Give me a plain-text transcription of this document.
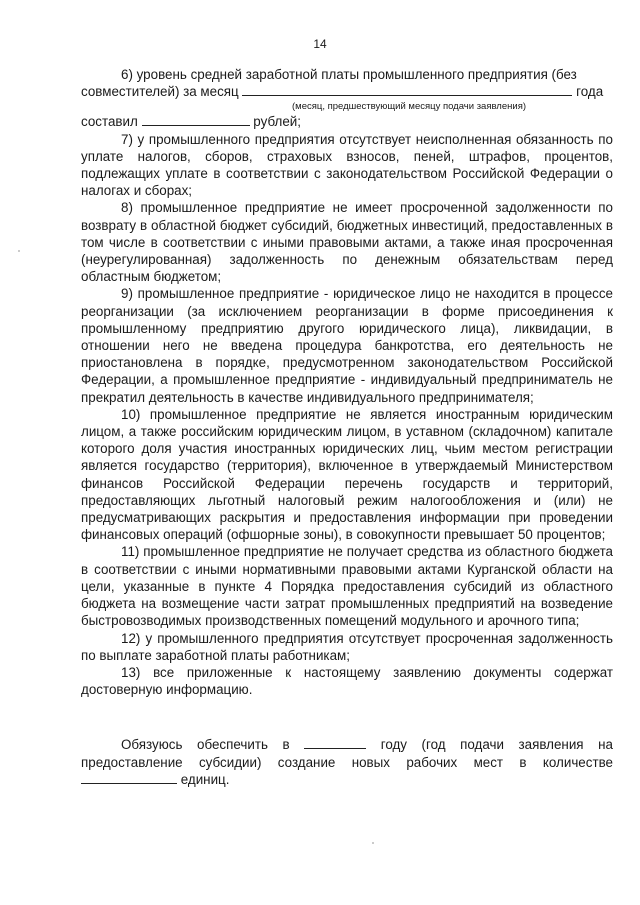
14

6) уровень средней заработной платы промышленного предприятия (без

совместителей) за месяц	года

(месяц, предшествующий месяцу подачи заявления)

составил	рублей;

7) у промышленного предприятия отсутствует неисполненная обязанность по уплате налогов, сборов, страховых взносов, пеней, штрафов, процентов, подлежащих уплате в соответствии с законодательством Российской Федерации о налогах и сборах;

8) промышленное предприятие не имеет просроченной задолженности по возврату в областной бюджет субсидий, бюджетных инвестиций, предоставленных в том числе в соответствии с иными правовыми актами, а также иная просроченная (неурегулированная) задолженность по денежным обязательствам перед областным бюджетом;

9) промышленное предприятие - юридическое лицо не находится в процессе реорганизации (за исключением реорганизации в форме присоединения к промышленному предприятию другого юридического лица), ликвидации, в отношении него не введена процедура банкротства, его деятельность не приостановлена в порядке, предусмотренном законодательством Российской Федерации, а промышленное предприятие - индивидуальный предприниматель не прекратил деятельность в качестве индивидуального предпринимателя;

10) промышленное предприятие не является иностранным юридическим лицом, а также российским юридическим лицом, в уставном (складочном) капитале которого доля участия иностранных юридических лиц, чьим местом регистрации является государство (территория), включенное в утверждаемый Министерством финансов Российской Федерации перечень государств и территорий, предоставляющих льготный налоговый режим налогообложения и (или) не предусматривающих раскрытия и предоставления информации при проведении финансовых операций (офшорные зоны), в совокупности превышает 50 процентов;

11) промышленное предприятие не получает средства из областного бюджета в соответствии с иными нормативными правовыми актами Курганской области на цели, указанные в пункте 4 Порядка предоставления субсидий из областного бюджета на возмещение части затрат промышленных предприятий на возведение быстровозводимых производственных помещений модульного и арочного типа;

12) у промышленного предприятия отсутствует просроченная задолженность по выплате заработной платы работникам;

13) все приложенные к настоящему заявлению документы содержат достоверную информацию.

Обязуюсь обеспечить в	году (год подачи заявления на предоставление субсидии) создание новых рабочих мест в количестве  единиц.
